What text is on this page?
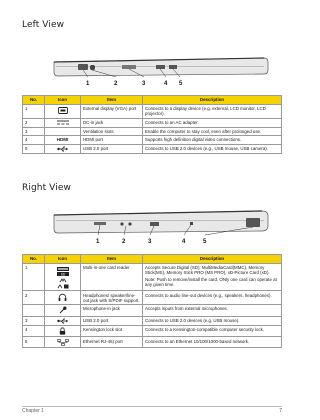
Left View
1	2	3	4 5
No.	Icon	Item	Description
1		External display (VGA) port	Connects to a display device (e.g. external, LCD monitor, LCD projector).
2		DC-in jack	Connects to an AC adapter.
3		Ventilation slots	Enable the computer to stay cool, even after prolonged use.
4	HDMI	HDMI port	Supports high definition digital video connections.
5		USB 2.0 port	Connects to USB 2.0 devices (e.g., USB mouse, USB camera).
Right View
1	2	3	4	5
No.	Icon	Item	Description
1	SD	Multi-in-one card reader	Accepts Secure Digital (SD), MultiMediaCard(MMC), Memory Stick(MS), Memory Stick PRO (MS PRO), xD-Picture Card (xD).
Note: Push to remove/install the card. ONly one card can operate at any given time.

2		Headphones/ speaker/line-out jack with S/PDIF support.	Connects to audio line-out devices (e.g., speakers, headphones).
		Microphone-in jack	Accepts inputs from external microphones.
3		USB 2.0 port	Connects to USB 2.0 devices (e.g. USB mouse).
4		Kensington lock slot	Connects to a Kensington-compatible computer security lock.
5		Ethernet RJ-45) port	Connects to an Ethernet 10/100/1000-based network.
Chapter 1	7
